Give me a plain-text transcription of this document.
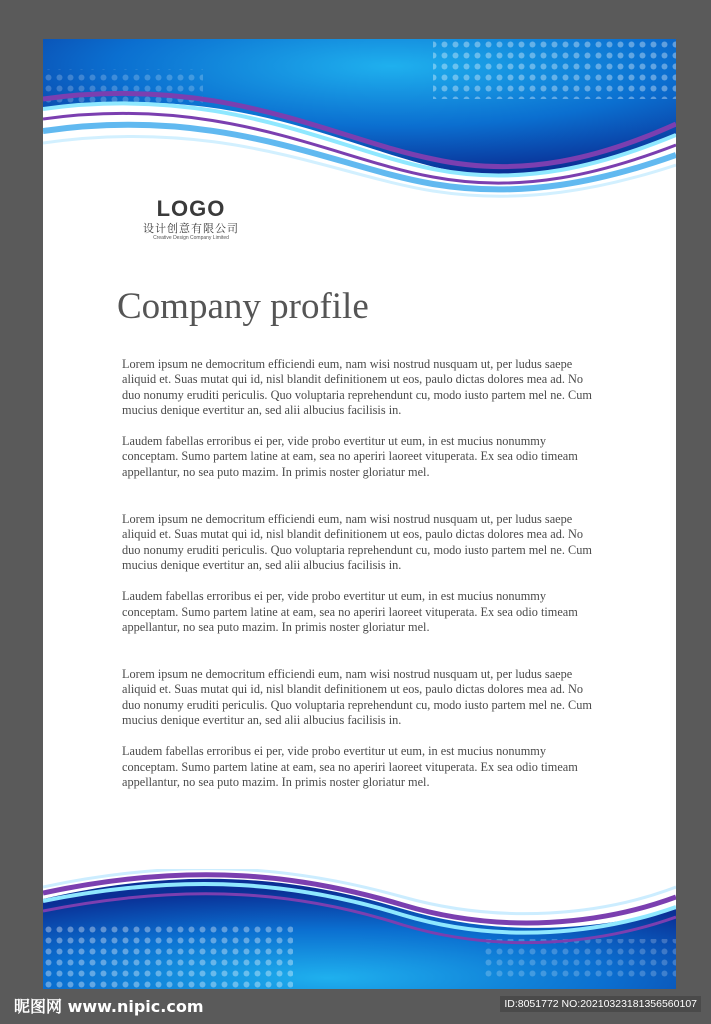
LOGO
设计创意有限公司
Creative Design Company Limited
Company profile

Lorem ipsum ne democritum efficiendi eum, nam wisi nostrud nusquam ut, per ludus saepe aliquid et. Suas mutat qui id, nisl blandit definitionem ut eos, paulo dictas dolores mea ad. No duo nonumy eruditi periculis. Quo voluptaria reprehendunt cu, modo iusto partem mel ne. Cum mucius denique evertitur an, sed alii albucius facilisis in.

Laudem fabellas erroribus ei per, vide probo evertitur ut eum, in est mucius nonummy conceptam. Sumo partem latine at eam, sea no aperiri laoreet vituperata. Ex sea odio timeam appellantur, no sea puto mazim. In primis noster gloriatur mel.

Lorem ipsum ne democritum efficiendi eum, nam wisi nostrud nusquam ut, per ludus saepe aliquid et. Suas mutat qui id, nisl blandit definitionem ut eos, paulo dictas dolores mea ad. No duo nonumy eruditi periculis. Quo voluptaria reprehendunt cu, modo iusto partem mel ne. Cum mucius denique evertitur an, sed alii albucius facilisis in.

Laudem fabellas erroribus ei per, vide probo evertitur ut eum, in est mucius nonummy conceptam. Sumo partem latine at eam, sea no aperiri laoreet vituperata. Ex sea odio timeam appellantur, no sea puto mazim. In primis noster gloriatur mel.

Lorem ipsum ne democritum efficiendi eum, nam wisi nostrud nusquam ut, per ludus saepe aliquid et. Suas mutat qui id, nisl blandit definitionem ut eos, paulo dictas dolores mea ad. No duo nonumy eruditi periculis. Quo voluptaria reprehendunt cu, modo iusto partem mel ne. Cum mucius denique evertitur an, sed alii albucius facilisis in.

Laudem fabellas erroribus ei per, vide probo evertitur ut eum, in est mucius nonummy conceptam. Sumo partem latine at eam, sea no aperiri laoreet vituperata. Ex sea odio timeam appellantur, no sea puto mazim. In primis noster gloriatur mel.

昵图网 www.nipic.com	ID:8051772 NO:20210323181356560107
